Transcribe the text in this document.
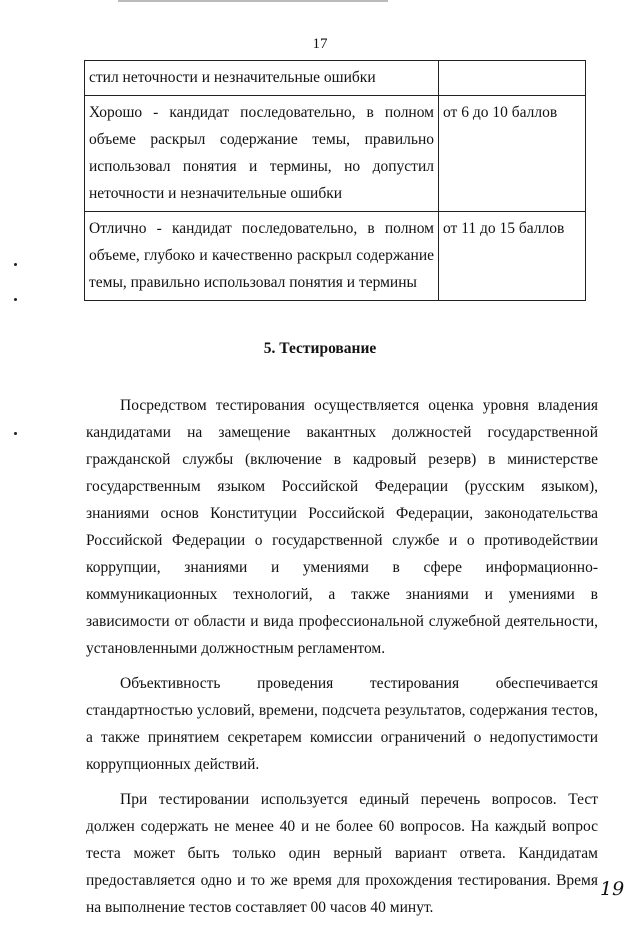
17
стил неточности и незначительные ошибки	
Хорошо - кандидат последовательно, в полном объеме раскрыл содержание темы, правильно использовал понятия и термины, но допустил неточности и незначительные ошибки	от 6 до 10 баллов
Отлично - кандидат последовательно, в полном объеме, глубоко и качественно раскрыл содержание темы, правильно использовал понятия и термины	от 11 до 15 баллов
5. Тестирование

Посредством тестирования осуществляется оценка уровня владения кандидатами на замещение вакантных должностей государственной гражданской службы (включение в кадровый резерв) в министерстве государственным языком Российской Федерации (русским языком), знаниями основ Конституции Российской Федерации, законодательства Российской Федерации о государственной службе и о противодействии коррупции, знаниями и умениями в сфере информационно-коммуникационных технологий, а также знаниями и умениями в зависимости от области и вида профессиональной служебной деятельности, установленными должностным регламентом.

Объективность проведения тестирования обеспечивается стандартностью условий, времени, подсчета результатов, содержания тестов, а также принятием секретарем комиссии ограничений о недопустимости коррупционных действий.

При тестировании используется единый перечень вопросов. Тест должен содержать не менее 40 и не более 60 вопросов. На каждый вопрос теста может быть только один верный вариант ответа. Кандидатам предоставляется одно и то же время для прохождения тестирования. Время на выполнение тестов составляет 00 часов 40 минут.

19
